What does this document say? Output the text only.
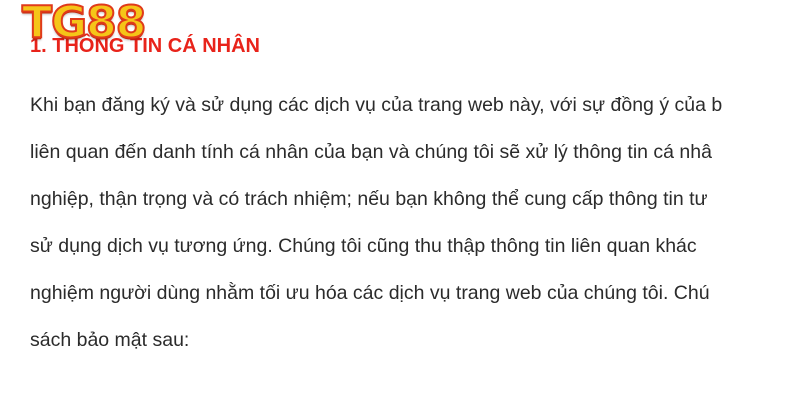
TG88
1. THÔNG TIN CÁ NHÂN
Khi bạn đăng ký và sử dụng các dịch vụ của trang web này, với sự đồng ý của b
liên quan đến danh tính cá nhân của bạn và chúng tôi sẽ xử lý thông tin cá nhâ
nghiệp, thận trọng và có trách nhiệm; nếu bạn không thể cung cấp thông tin tư
sử dụng dịch vụ tương ứng. Chúng tôi cũng thu thập thông tin liên quan khác
nghiệm người dùng nhằm tối ưu hóa các dịch vụ trang web của chúng tôi. Chú
sách bảo mật sau:
